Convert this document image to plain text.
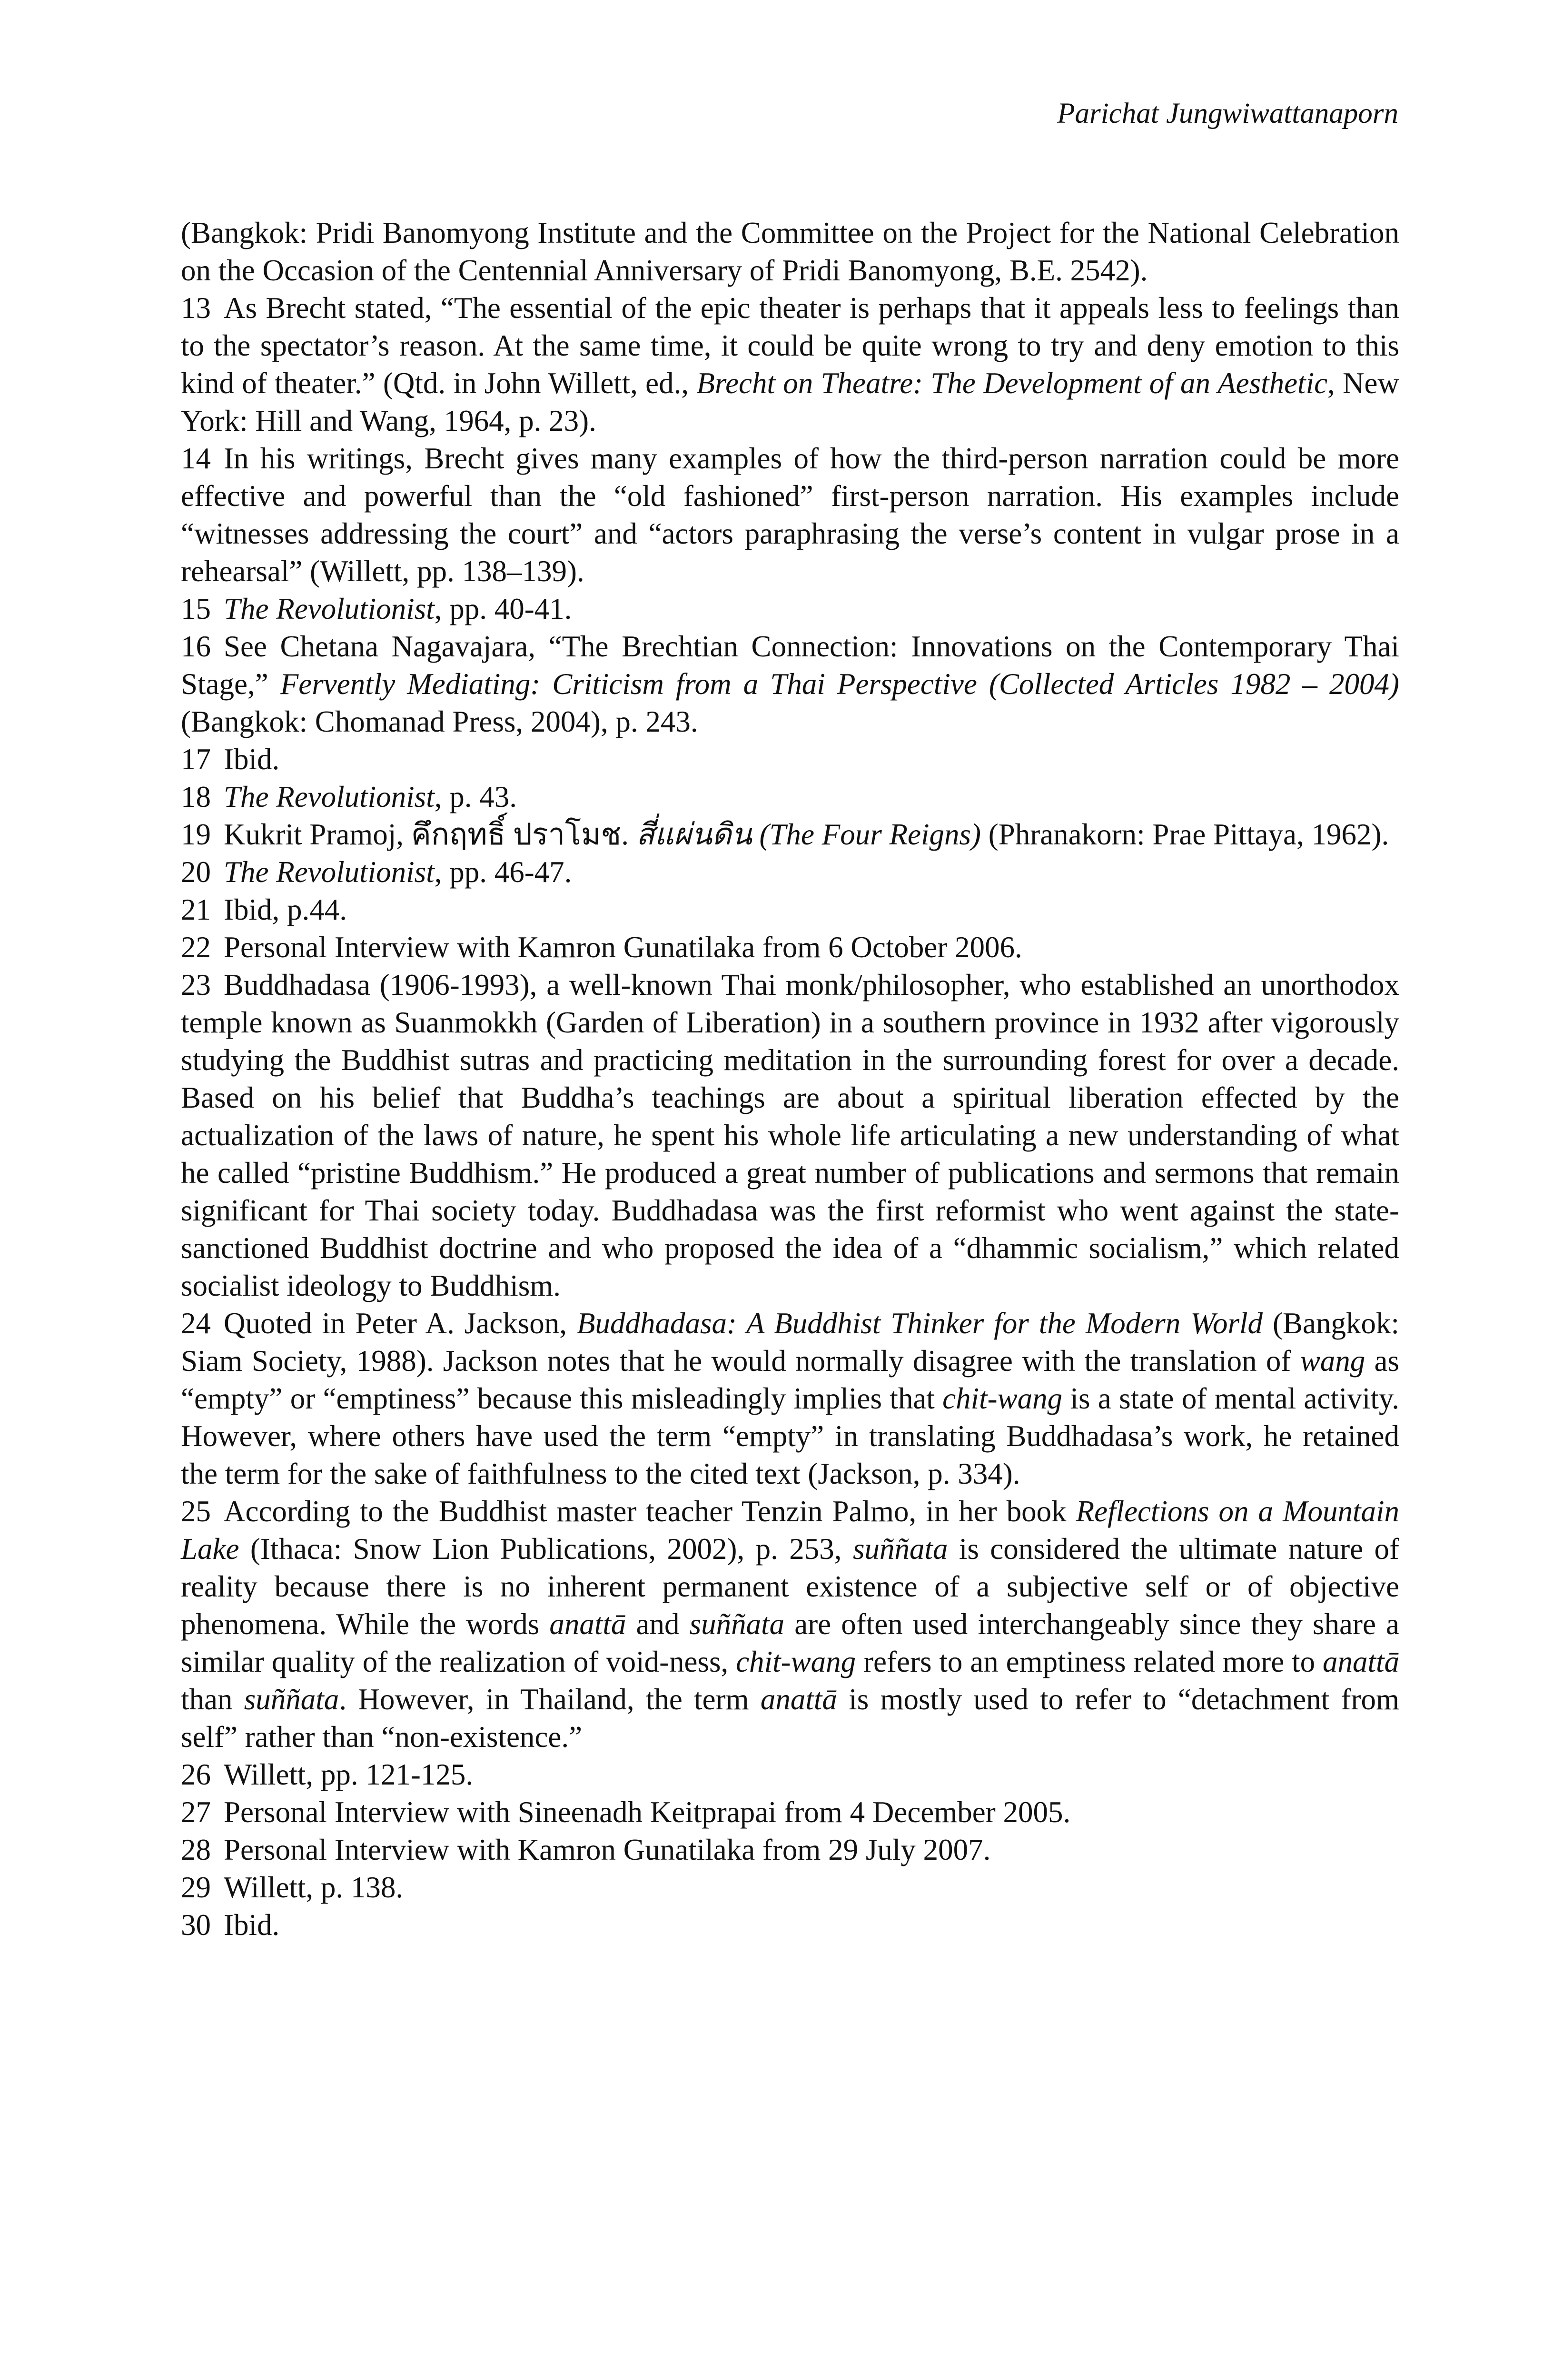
Parichat Jungwiwattanaporn

(Bangkok: Pridi Banomyong Institute and the Committee on the Project for the National Celebration on the Occasion of the Centennial Anniversary of Pridi Banomyong, B.E. 2542).

13 As Brecht stated, “The essential of the epic theater is perhaps that it appeals less to feelings than to the spectator’s reason. At the same time, it could be quite wrong to try and deny emotion to this kind of theater.” (Qtd. in John Willett, ed., Brecht on Theatre: The Development of an Aesthetic, New York: Hill and Wang, 1964, p. 23).

14 In his writings, Brecht gives many examples of how the third-person narration could be more effective and powerful than the “old fashioned” first-person narration. His examples include “witnesses addressing the court” and “actors paraphrasing the verse’s content in vulgar prose in a rehearsal” (Willett, pp. 138–139).

15 The Revolutionist, pp. 40-41.

16 See Chetana Nagavajara, “The Brechtian Connection: Innovations on the Contemporary Thai Stage,” Fervently Mediating: Criticism from a Thai Perspective (Collected Articles 1982 – 2004) (Bangkok: Chomanad Press, 2004), p. 243.

17 Ibid.

18 The Revolutionist, p. 43.

19 Kukrit Pramoj, คึกฤทธิ์ ปราโมช. สี่แผ่นดิน (The Four Reigns) (Phranakorn: Prae Pittaya, 1962).

20 The Revolutionist, pp. 46-47.

21 Ibid, p.44.

22 Personal Interview with Kamron Gunatilaka from 6 October 2006.

23 Buddhadasa (1906-1993), a well-known Thai monk/philosopher, who established an unorthodox temple known as Suanmokkh (Garden of Liberation) in a southern province in 1932 after vigorously studying the Buddhist sutras and practicing meditation in the surrounding forest for over a decade. Based on his belief that Buddha’s teachings are about a spiritual liberation effected by the actualization of the laws of nature, he spent his whole life articulating a new understanding of what he called “pristine Buddhism.” He produced a great number of publications and sermons that remain significant for Thai society today. Buddhadasa was the first reformist who went against the state-sanctioned Buddhist doctrine and who proposed the idea of a “dhammic socialism,” which related socialist ideology to Buddhism.

24 Quoted in Peter A. Jackson, Buddhadasa: A Buddhist Thinker for the Modern World (Bangkok: Siam Society, 1988). Jackson notes that he would normally disagree with the translation of wang as “empty” or “emptiness” because this misleadingly implies that chit-wang is a state of mental activity. However, where others have used the term “empty” in translating Buddhadasa’s work, he retained the term for the sake of faithfulness to the cited text (Jackson, p. 334).

25 According to the Buddhist master teacher Tenzin Palmo, in her book Reflections on a Mountain Lake (Ithaca: Snow Lion Publications, 2002), p. 253, suññata is considered the ultimate nature of reality because there is no inherent permanent existence of a subjective self or of objective phenomena. While the words anattā and suññata are often used interchangeably since they share a similar quality of the realization of void-ness, chit-wang refers to an emptiness related more to anattā than suññata. However, in Thailand, the term anattā is mostly used to refer to “detachment from self” rather than “non-existence.”

26 Willett, pp. 121-125.

27 Personal Interview with Sineenadh Keitprapai from 4 December 2005.

28 Personal Interview with Kamron Gunatilaka from 29 July 2007.

29 Willett, p. 138.

30 Ibid.
